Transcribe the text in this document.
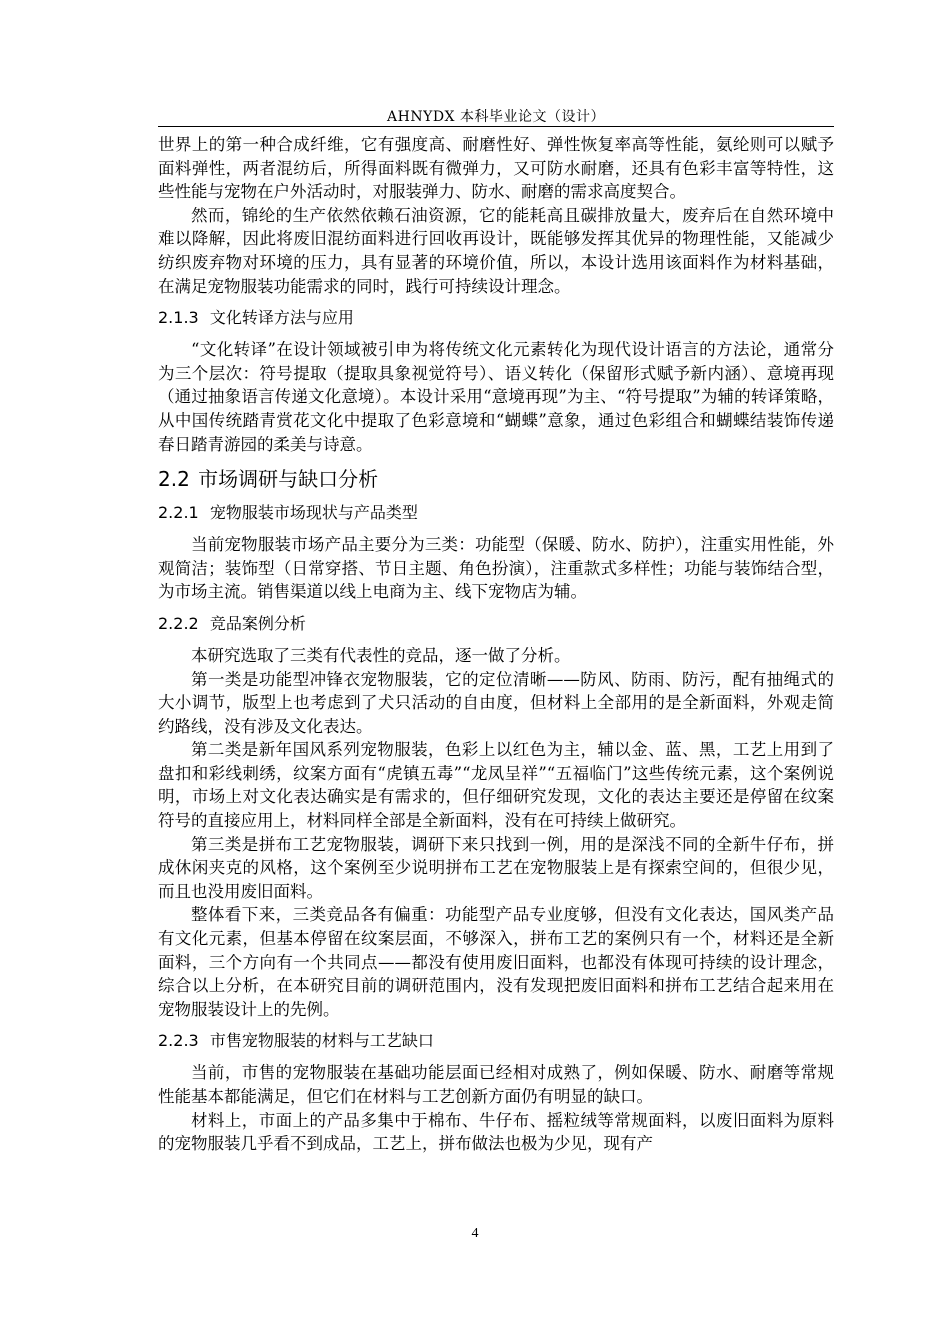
AHNYDX 本科毕业论文（设计）

世界上的第一种合成纤维，它有强度高、耐磨性好、弹性恢复率高等性能，氨纶则可以赋予面料弹性，两者混纺后，所得面料既有微弹力，又可防水耐磨，还具有色彩丰富等特性，这些性能与宠物在户外活动时，对服装弹力、防水、耐磨的需求高度契合。

然而，锦纶的生产依然依赖石油资源，它的能耗高且碳排放量大，废弃后在自然环境中难以降解，因此将废旧混纺面料进行回收再设计，既能够发挥其优异的物理性能，又能减少纺织废弃物对环境的压力，具有显著的环境价值，所以，本设计选用该面料作为材料基础，在满足宠物服装功能需求的同时，践行可持续设计理念。

2.1.3 文化转译方法与应用

“文化转译”在设计领域被引申为将传统文化元素转化为现代设计语言的方法论，通常分为三个层次：符号提取（提取具象视觉符号）、语义转化（保留形式赋予新内涵）、意境再现（通过抽象语言传递文化意境）。本设计采用“意境再现”为主、“符号提取”为辅的转译策略，从中国传统踏青赏花文化中提取了色彩意境和“蝴蝶”意象，通过色彩组合和蝴蝶结装饰传递春日踏青游园的柔美与诗意。

2.2 市场调研与缺口分析

2.2.1 宠物服装市场现状与产品类型

当前宠物服装市场产品主要分为三类：功能型（保暖、防水、防护），注重实用性能，外观简洁；装饰型（日常穿搭、节日主题、角色扮演），注重款式多样性；功能与装饰结合型，为市场主流。销售渠道以线上电商为主、线下宠物店为辅。

2.2.2 竞品案例分析

本研究选取了三类有代表性的竞品，逐一做了分析。

第一类是功能型冲锋衣宠物服装，它的定位清晰——防风、防雨、防污，配有抽绳式的大小调节，版型上也考虑到了犬只活动的自由度，但材料上全部用的是全新面料，外观走简约路线，没有涉及文化表达。

第二类是新年国风系列宠物服装，色彩上以红色为主，辅以金、蓝、黑，工艺上用到了盘扣和彩线刺绣，纹案方面有“虎镇五毒”“龙凤呈祥”“五福临门”这些传统元素，这个案例说明，市场上对文化表达确实是有需求的，但仔细研究发现，文化的表达主要还是停留在纹案符号的直接应用上，材料同样全部是全新面料，没有在可持续上做研究。

第三类是拼布工艺宠物服装，调研下来只找到一例，用的是深浅不同的全新牛仔布，拼成休闲夹克的风格，这个案例至少说明拼布工艺在宠物服装上是有探索空间的，但很少见，而且也没用废旧面料。

整体看下来，三类竞品各有偏重：功能型产品专业度够，但没有文化表达，国风类产品有文化元素，但基本停留在纹案层面，不够深入，拼布工艺的案例只有一个，材料还是全新面料，三个方向有一个共同点——都没有使用废旧面料，也都没有体现可持续的设计理念，综合以上分析，在本研究目前的调研范围内，没有发现把废旧面料和拼布工艺结合起来用在宠物服装设计上的先例。

2.2.3 市售宠物服装的材料与工艺缺口

当前，市售的宠物服装在基础功能层面已经相对成熟了，例如保暖、防水、耐磨等常规性能基本都能满足，但它们在材料与工艺创新方面仍有明显的缺口。

材料上，市面上的产品多集中于棉布、牛仔布、摇粒绒等常规面料，以废旧面料为原料的宠物服装几乎看不到成品，工艺上，拼布做法也极为少见，现有产

4
